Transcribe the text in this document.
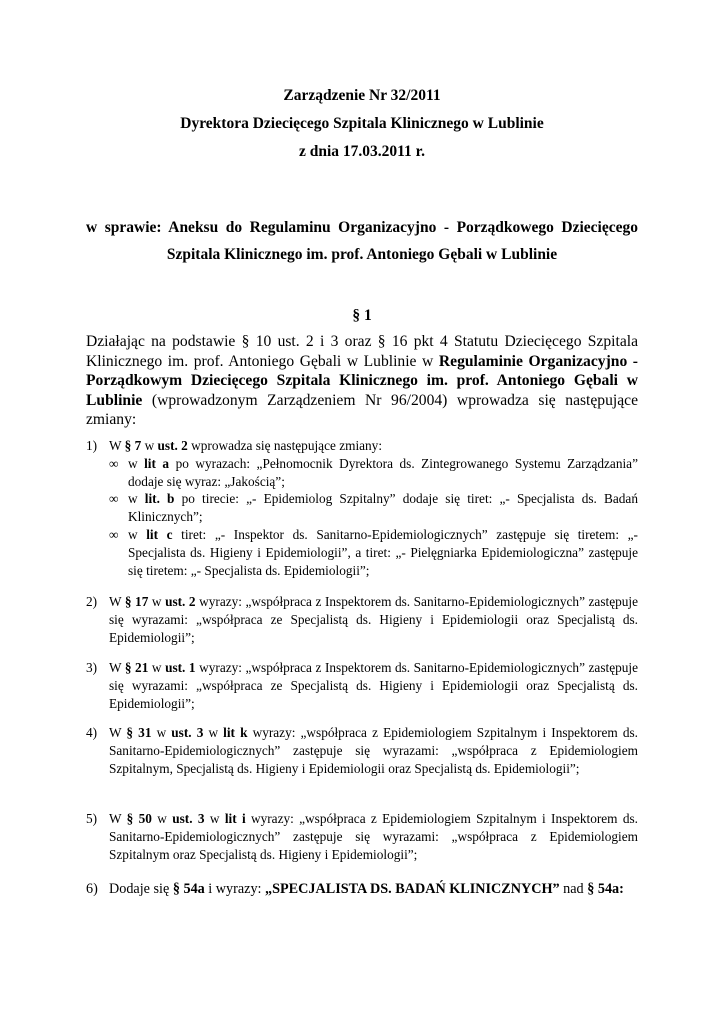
Zarządzenie Nr 32/2011
Dyrektora Dziecięcego Szpitala Klinicznego w Lublinie
z dnia 17.03.2011 r.
w sprawie: Aneksu do Regulaminu Organizacyjno - Porządkowego Dziecięcego
Szpitala Klinicznego im. prof. Antoniego Gębali w Lublinie
§ 1
Działając na podstawie § 10 ust. 2 i 3 oraz § 16 pkt 4 Statutu Dziecięcego Szpitala Klinicznego im. prof. Antoniego Gębali w Lublinie w Regulaminie Organizacyjno - Porządkowym Dziecięcego Szpitala Klinicznego im. prof. Antoniego Gębali w Lublinie (wprowadzonym Zarządzeniem Nr 96/2004) wprowadza się następujące zmiany:
1) W § 7 w ust. 2 wprowadza się następujące zmiany:
∞ w lit a po wyrazach: „Pełnomocnik Dyrektora ds. Zintegrowanego Systemu Zarządzania” dodaje się wyraz: „Jakością”;
∞ w lit. b po tirecie: „- Epidemiolog Szpitalny” dodaje się tiret: „- Specjalista ds. Badań Klinicznych”;
∞ w lit c tiret: „- Inspektor ds. Sanitarno-Epidemiologicznych” zastępuje się tiretem: „- Specjalista ds. Higieny i Epidemiologii”, a tiret: „- Pielęgniarka Epidemiologiczna” zastępuje się tiretem: „- Specjalista ds. Epidemiologii”;
2) W § 17 w ust. 2 wyrazy: „współpraca z Inspektorem ds. Sanitarno-Epidemiologicznych” zastępuje się wyrazami: „współpraca ze Specjalistą ds. Higieny i Epidemiologii oraz Specjalistą ds. Epidemiologii”;
3) W § 21 w ust. 1 wyrazy: „współpraca z Inspektorem ds. Sanitarno-Epidemiologicznych” zastępuje się wyrazami: „współpraca ze Specjalistą ds. Higieny i Epidemiologii oraz Specjalistą ds. Epidemiologii”;
4) W § 31 w ust. 3 w lit k wyrazy: „współpraca z Epidemiologiem Szpitalnym i Inspektorem ds. Sanitarno-Epidemiologicznych” zastępuje się wyrazami: „współpraca z Epidemiologiem Szpitalnym, Specjalistą ds. Higieny i Epidemiologii oraz Specjalistą ds. Epidemiologii”;
5) W § 50 w ust. 3 w lit i wyrazy: „współpraca z Epidemiologiem Szpitalnym i Inspektorem ds. Sanitarno-Epidemiologicznych” zastępuje się wyrazami: „współpraca z Epidemiologiem Szpitalnym oraz Specjalistą ds. Higieny i Epidemiologii”;
6) Dodaje się § 54a i wyrazy: „SPECJALISTA DS. BADAŃ KLINICZNYCH” nad § 54a:
